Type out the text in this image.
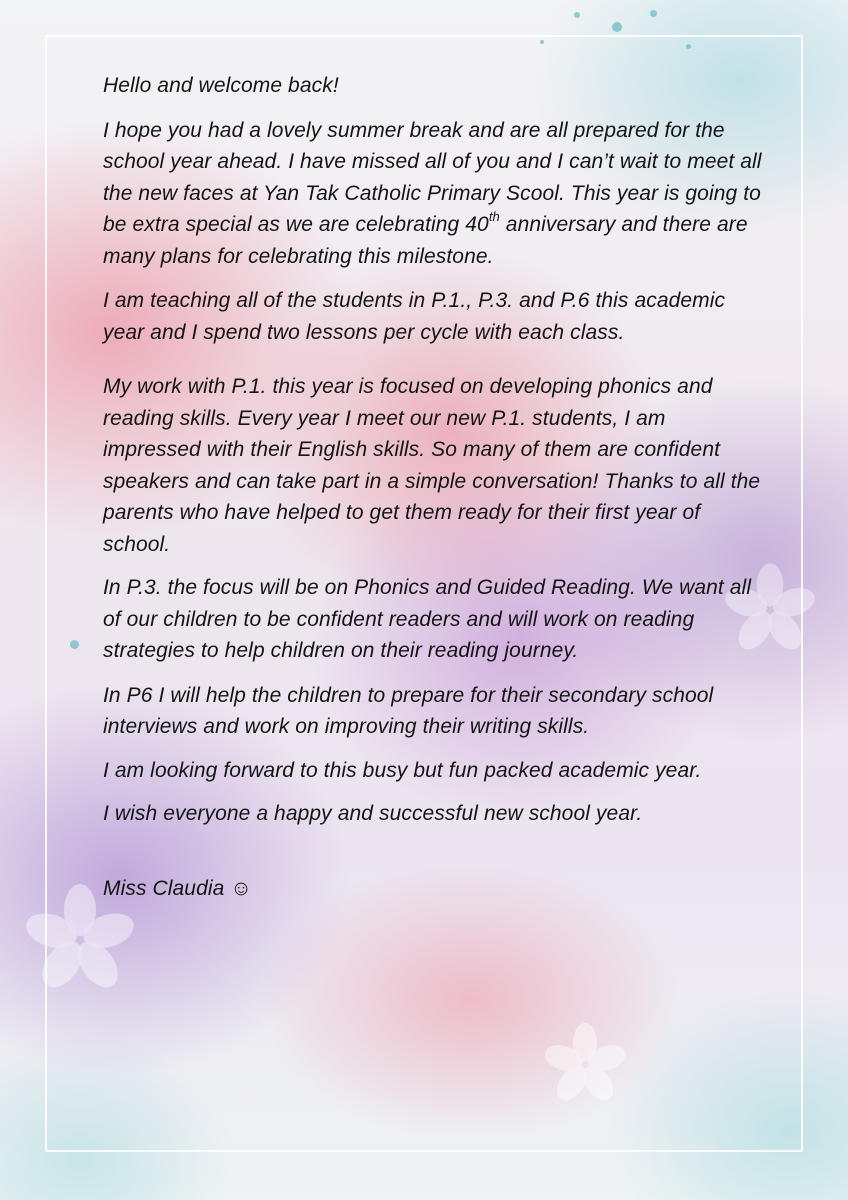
Hello and welcome back!

I hope you had a lovely summer break and are all prepared for the school year ahead. I have missed all of you and I can’t wait to meet all the new faces at Yan Tak Catholic Primary Scool. This year is going to be extra special as we are celebrating 40th anniversary and there are many plans for celebrating this milestone.

I am teaching all of the students in P.1., P.3. and P.6 this academic year and I spend two lessons per cycle with each class.

My work with P.1. this year is focused on developing phonics and reading skills. Every year I meet our new P.1. students, I am impressed with their English skills. So many of them are confident speakers and can take part in a simple conversation! Thanks to all the parents who have helped to get them ready for their first year of school.

In P.3. the focus will be on Phonics and Guided Reading. We want all of our children to be confident readers and will work on reading strategies to help children on their reading journey.

In P6 I will help the children to prepare for their secondary school interviews and work on improving their writing skills.

I am looking forward to this busy but fun packed academic year.

I wish everyone a happy and successful new school year.

Miss Claudia ☺
